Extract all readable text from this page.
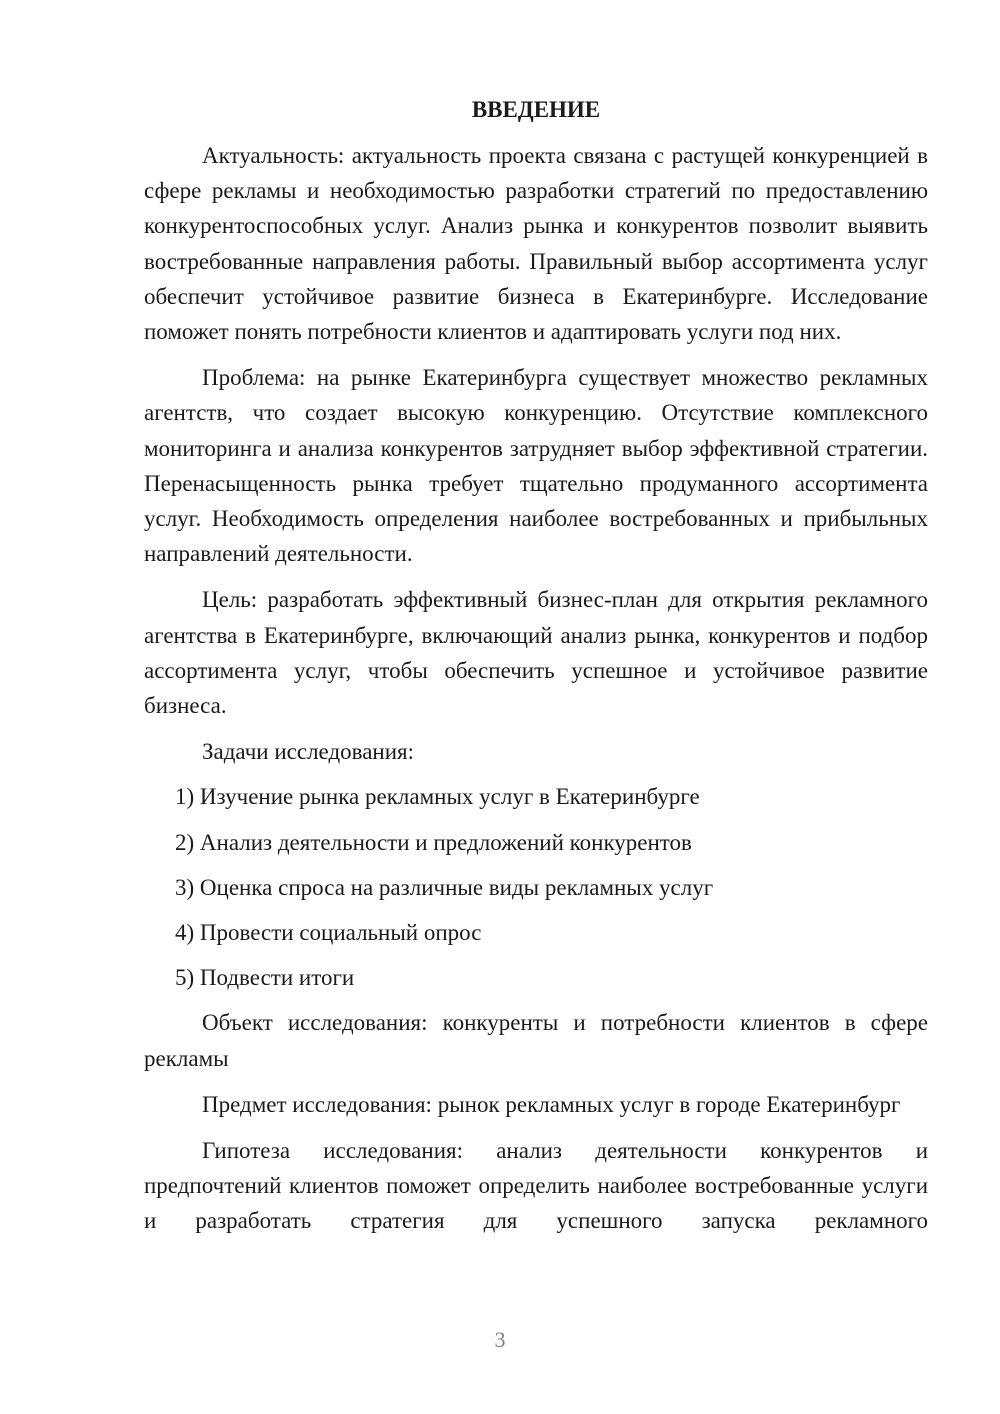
ВВЕДЕНИЕ

Актуальность: актуальность проекта связана с растущей конкуренцией в сфере рекламы и необходимостью разработки стратегий по предоставлению конкурентоспособных услуг. Анализ рынка и конкурентов позволит выявить востребованные направления работы. Правильный выбор ассортимента услуг обеспечит устойчивое развитие бизнеса в Екатеринбурге. Исследование поможет понять потребности клиентов и адаптировать услуги под них.

Проблема: на рынке Екатеринбурга существует множество рекламных агентств, что создает высокую конкуренцию. Отсутствие комплексного мониторинга и анализа конкурентов затрудняет выбор эффективной стратегии. Перенасыщенность рынка требует тщательно продуманного ассортимента услуг. Необходимость определения наиболее востребованных и прибыльных направлений деятельности.

Цель: разработать эффективный бизнес-план для открытия рекламного агентства в Екатеринбурге, включающий анализ рынка, конкурентов и подбор ассортимента услуг, чтобы обеспечить успешное и устойчивое развитие бизнеса.

Задачи исследования:

1) Изучение рынка рекламных услуг в Екатеринбурге

2) Анализ деятельности и предложений конкурентов

3) Оценка спроса на различные виды рекламных услуг

4) Провести социальный опрос

5) Подвести итоги

Объект исследования: конкуренты и потребности клиентов в сфере рекламы

Предмет исследования: рынок рекламных услуг в городе Екатеринбург

Гипотеза исследования: анализ деятельности конкурентов и предпочтений клиентов поможет определить наиболее востребованные услуги и разработать стратегия для успешного запуска рекламного

3
